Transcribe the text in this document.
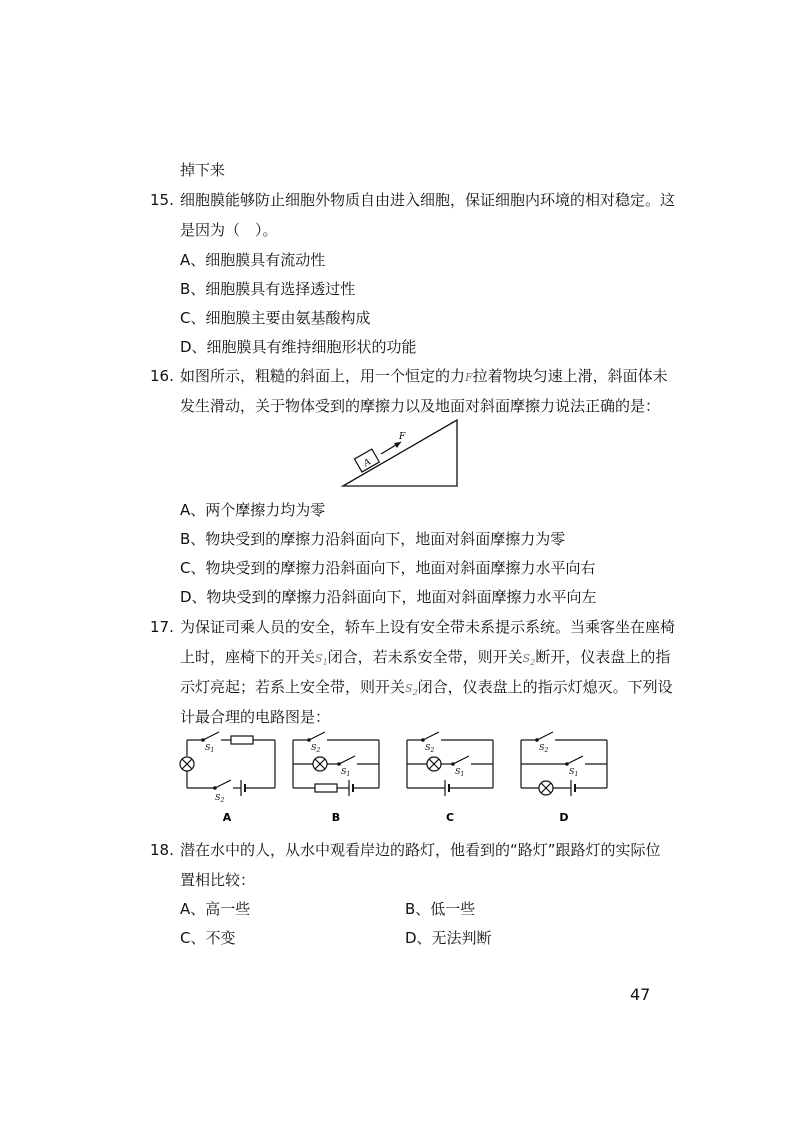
掉下来
15. 细胞膜能够防止细胞外物质自由进入细胞，保证细胞内环境的相对稳定。这
是因为（　）。
A、细胞膜具有流动性
B、细胞膜具有选择透过性
C、细胞膜主要由氨基酸构成
D、细胞膜具有维持细胞形状的功能
16. 如图所示，粗糙的斜面上，用一个恒定的力F拉着物块匀速上滑，斜面体未
发生滑动，关于物体受到的摩擦力以及地面对斜面摩擦力说法正确的是：
A
F
A、两个摩擦力均为零
B、物块受到的摩擦力沿斜面向下，地面对斜面摩擦力为零
C、物块受到的摩擦力沿斜面向下，地面对斜面摩擦力水平向右
D、物块受到的摩擦力沿斜面向下，地面对斜面摩擦力水平向左
17. 为保证司乘人员的安全，轿车上设有安全带未系提示系统。当乘客坐在座椅
上时，座椅下的开关$S_1$闭合，若未系安全带，则开关$S_2$断开，仪表盘上的指
示灯亮起；若系上安全带，则开关$S_2$闭合，仪表盘上的指示灯熄灭。下列设
计最合理的电路图是：
$S_1$
$S_2$
$S_2$
$S_1$
$S_2$
$S_1$
$S_2$
$S_1$
A	B	C	D
18. 潜在水中的人，从水中观看岸边的路灯，他看到的“路灯”跟路灯的实际位
置相比较：
A、高一些	B、低一些
C、不变	D、无法判断
47
